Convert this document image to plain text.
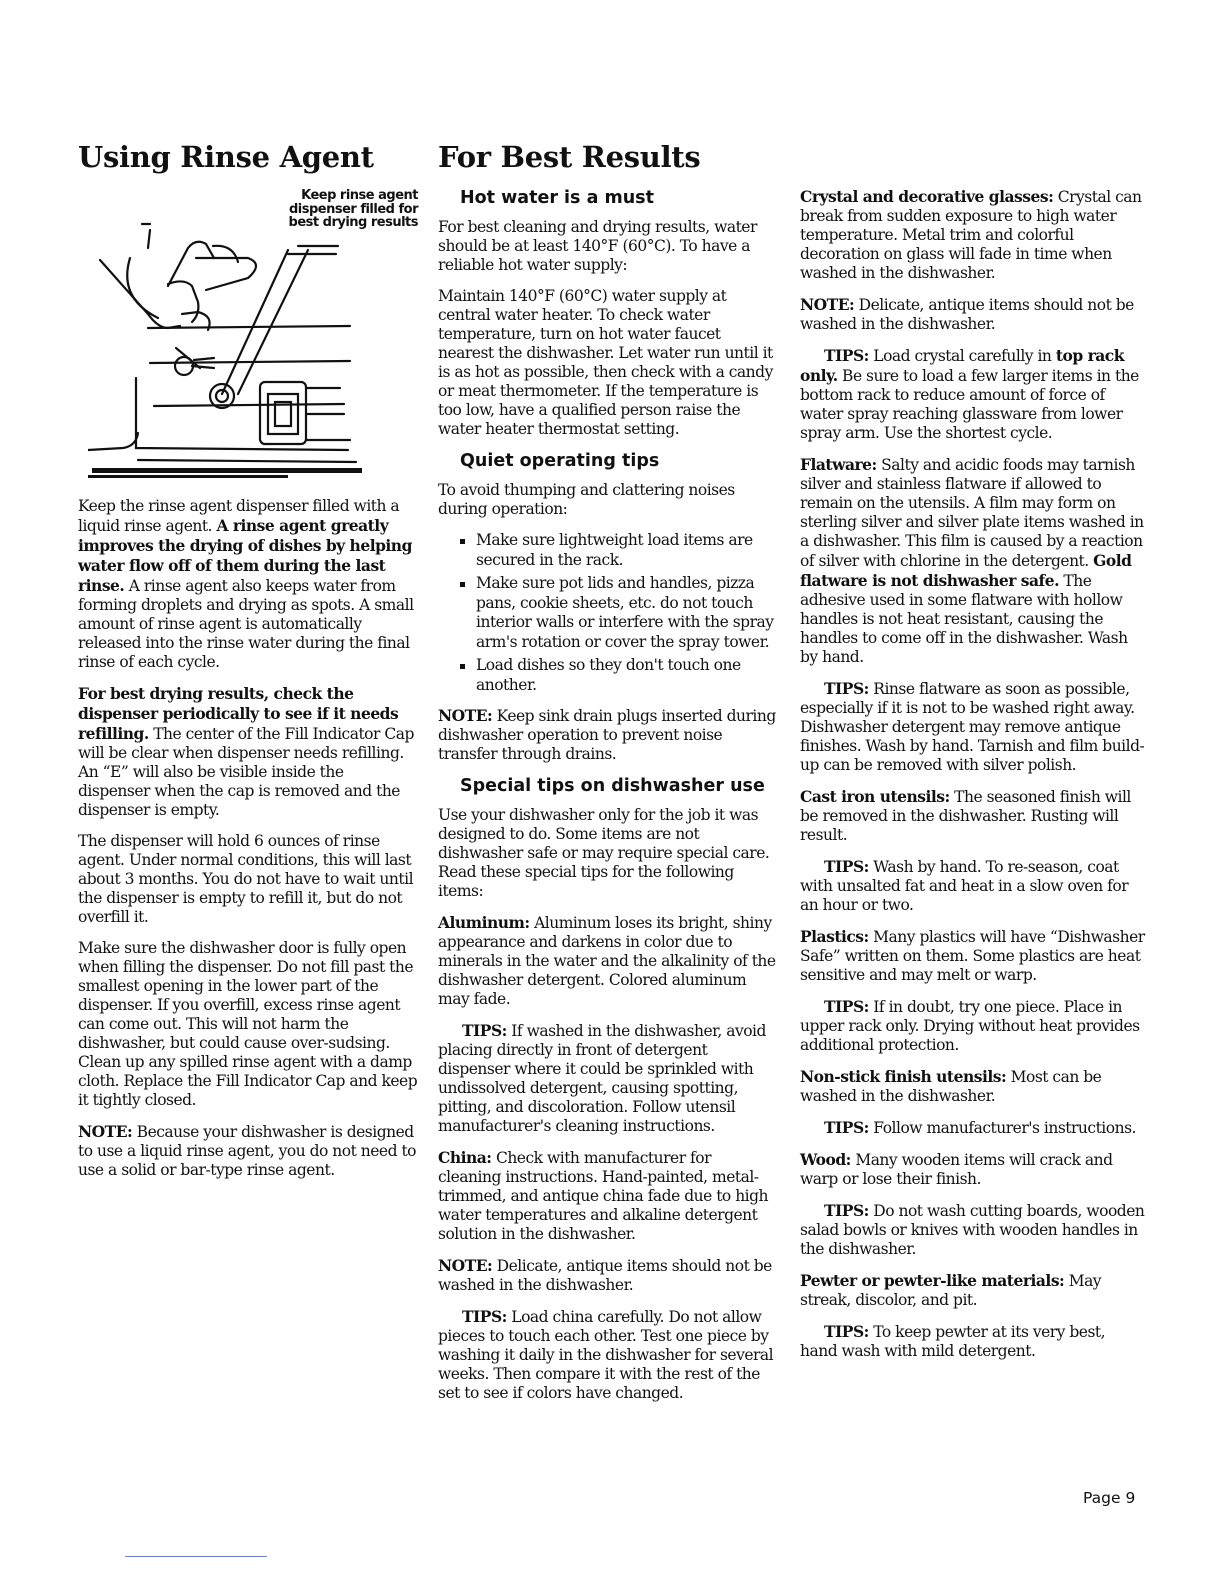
Using Rinse Agent
Keep rinse agent dispenser filled for best drying results

Keep the rinse agent dispenser filled with a liquid rinse agent. A rinse agent greatly improves the drying of dishes by helping water flow off of them during the last rinse. A rinse agent also keeps water from forming droplets and drying as spots. A small amount of rinse agent is automatically released into the rinse water during the final rinse of each cycle.

For best drying results, check the dispenser periodically to see if it needs refilling. The center of the Fill Indicator Cap will be clear when dispenser needs refilling. An “E” will also be visible inside the dispenser when the cap is removed and the dispenser is empty.

The dispenser will hold 6 ounces of rinse agent. Under normal conditions, this will last about 3 months. You do not have to wait until the dispenser is empty to refill it, but do not overfill it.

Make sure the dishwasher door is fully open when filling the dispenser. Do not fill past the smallest opening in the lower part of the dispenser. If you overfill, excess rinse agent can come out. This will not harm the dishwasher, but could cause over-sudsing. Clean up any spilled rinse agent with a damp cloth. Replace the Fill Indicator Cap and keep it tightly closed.

NOTE: Because your dishwasher is designed to use a liquid rinse agent, you do not need to use a solid or bar-type rinse agent.

For Best Results
Hot water is a must

For best cleaning and drying results, water should be at least 140°F (60°C). To have a reliable hot water supply:

Maintain 140°F (60°C) water supply at central water heater. To check water temperature, turn on hot water faucet nearest the dishwasher. Let water run until it is as hot as possible, then check with a candy or meat thermometer. If the temperature is too low, have a qualified person raise the water heater thermostat setting.

Quiet operating tips

To avoid thumping and clattering noises during operation:

Make sure lightweight load items are secured in the rack.
Make sure pot lids and handles, pizza pans, cookie sheets, etc. do not touch interior walls or interfere with the spray arm's rotation or cover the spray tower.
Load dishes so they don't touch one another.

NOTE: Keep sink drain plugs inserted during dishwasher operation to prevent noise transfer through drains.

Special tips on dishwasher use

Use your dishwasher only for the job it was designed to do. Some items are not dishwasher safe or may require special care. Read these special tips for the following items:

Aluminum: Aluminum loses its bright, shiny appearance and darkens in color due to minerals in the water and the alkalinity of the dishwasher detergent. Colored aluminum may fade.

TIPS: If washed in the dishwasher, avoid placing directly in front of detergent dispenser where it could be sprinkled with undissolved detergent, causing spotting, pitting, and discoloration. Follow utensil manufacturer's cleaning instructions.

China: Check with manufacturer for cleaning instructions. Hand-painted, metal-trimmed, and antique china fade due to high water temperatures and alkaline detergent solution in the dishwasher.

NOTE: Delicate, antique items should not be washed in the dishwasher.

TIPS: Load china carefully. Do not allow pieces to touch each other. Test one piece by washing it daily in the dishwasher for several weeks. Then compare it with the rest of the set to see if colors have changed.

Crystal and decorative glasses: Crystal can break from sudden exposure to high water temperature. Metal trim and colorful decoration on glass will fade in time when washed in the dishwasher.

NOTE: Delicate, antique items should not be washed in the dishwasher.

TIPS: Load crystal carefully in top rack only. Be sure to load a few larger items in the bottom rack to reduce amount of force of water spray reaching glassware from lower spray arm. Use the shortest cycle.

Flatware: Salty and acidic foods may tarnish silver and stainless flatware if allowed to remain on the utensils. A film may form on sterling silver and silver plate items washed in a dishwasher. This film is caused by a reaction of silver with chlorine in the detergent. Gold flatware is not dishwasher safe. The adhesive used in some flatware with hollow handles is not heat resistant, causing the handles to come off in the dishwasher. Wash by hand.

TIPS: Rinse flatware as soon as possible, especially if it is not to be washed right away. Dishwasher detergent may remove antique finishes. Wash by hand. Tarnish and film build-up can be removed with silver polish.

Cast iron utensils: The seasoned finish will be removed in the dishwasher. Rusting will result.

TIPS: Wash by hand. To re-season, coat with unsalted fat and heat in a slow oven for an hour or two.

Plastics: Many plastics will have “Dishwasher Safe” written on them. Some plastics are heat sensitive and may melt or warp.

TIPS: If in doubt, try one piece. Place in upper rack only. Drying without heat provides additional protection.

Non-stick finish utensils: Most can be washed in the dishwasher.

TIPS: Follow manufacturer's instructions.

Wood: Many wooden items will crack and warp or lose their finish.

TIPS: Do not wash cutting boards, wooden salad bowls or knives with wooden handles in the dishwasher.

Pewter or pewter-like materials: May streak, discolor, and pit.

TIPS: To keep pewter at its very best, hand wash with mild detergent.

Page 9
